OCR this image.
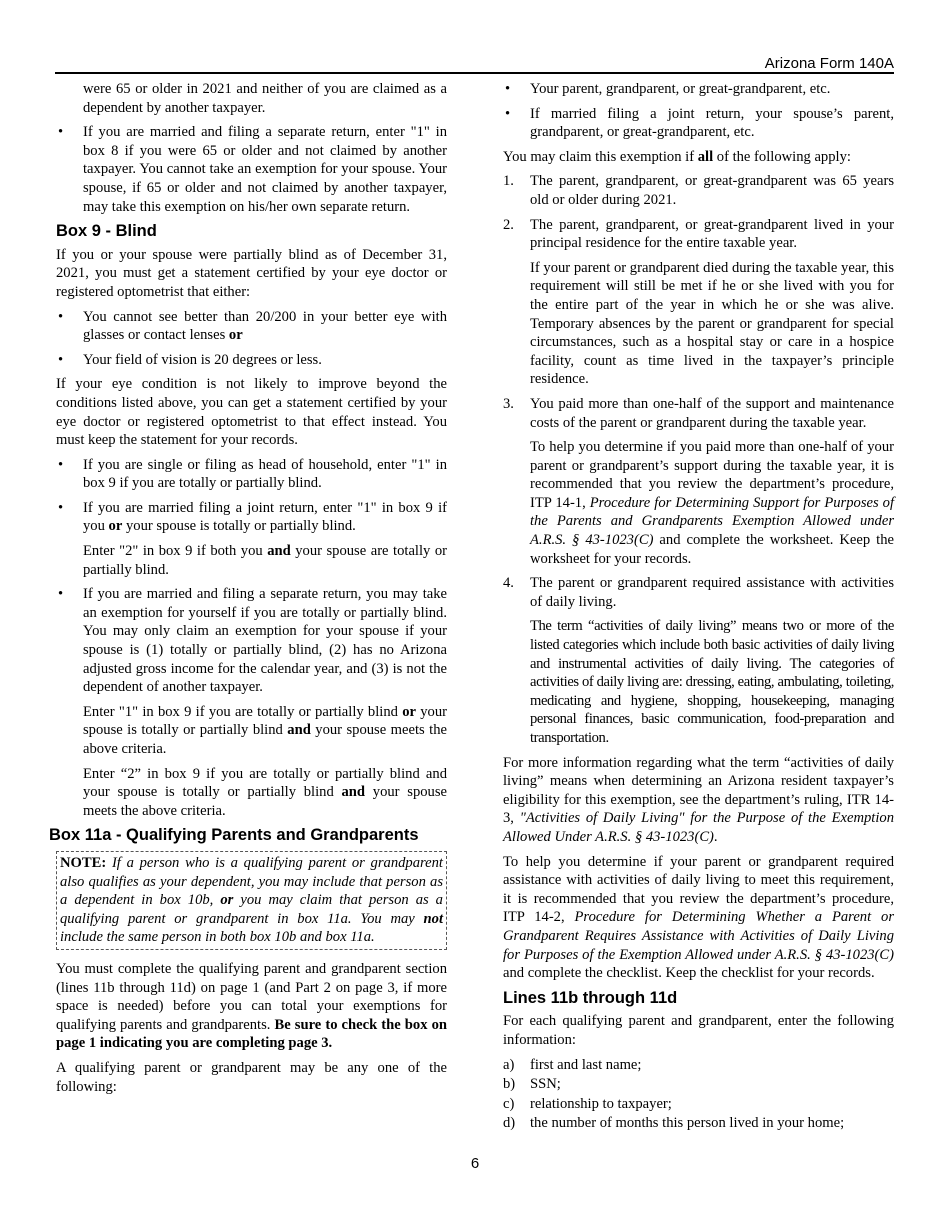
Arizona Form 140A

were 65 or older in 2021 and neither of you are claimed as a dependent by another taxpayer.

• If you are married and filing a separate return, enter "1" in box 8 if you were 65 or older and not claimed by another taxpayer. You cannot take an exemption for your spouse. Your spouse, if 65 or older and not claimed by another taxpayer, may take this exemption on his/her own separate return.
Box 9 - Blind

If you or your spouse were partially blind as of December 31, 2021, you must get a statement certified by your eye doctor or registered optometrist that either:

• You cannot see better than 20/200 in your better eye with glasses or contact lenses or
• Your field of vision is 20 degrees or less.

If your eye condition is not likely to improve beyond the conditions listed above, you can get a statement certified by your eye doctor or registered optometrist to that effect instead. You must keep the statement for your records.

• If you are single or filing as head of household, enter "1" in box 9 if you are totally or partially blind.
• If you are married filing a joint return, enter "1" in box 9 if you or your spouse is totally or partially blind.

Enter "2" in box 9 if both you and your spouse are totally or partially blind.

• If you are married and filing a separate return, you may take an exemption for yourself if you are totally or partially blind. You may only claim an exemption for your spouse if your spouse is (1) totally or partially blind, (2) has no Arizona adjusted gross income for the calendar year, and (3) is not the dependent of another taxpayer.

Enter "1" in box 9 if you are totally or partially blind or your spouse is totally or partially blind and your spouse meets the above criteria.

Enter “2” in box 9 if you are totally or partially blind and your spouse is totally or partially blind and your spouse meets the above criteria.

Box 11a - Qualifying Parents and Grandparents
NOTE: If a person who is a qualifying parent or grandparent also qualifies as your dependent, you may include that person as a dependent in box 10b, or you may claim that person as a qualifying parent or grandparent in box 11a. You may not include the same person in both box 10b and box 11a.

You must complete the qualifying parent and grandparent section (lines 11b through 11d) on page 1 (and Part 2 on page 3, if more space is needed) before you can total your exemptions for qualifying parents and grandparents. Be sure to check the box on page 1 indicating you are completing page 3.

A qualifying parent or grandparent may be any one of the following:

• Your parent, grandparent, or great-grandparent, etc.
• If married filing a joint return, your spouse’s parent, grandparent, or great-grandparent, etc.

You may claim this exemption if all of the following apply:

1. The parent, grandparent, or great-grandparent was 65 years old or older during 2021.
2. The parent, grandparent, or great-grandparent lived in your principal residence for the entire taxable year.

If your parent or grandparent died during the taxable year, this requirement will still be met if he or she lived with you for the entire part of the year in which he or she was alive. Temporary absences by the parent or grandparent for special circumstances, such as a hospital stay or care in a hospice facility, count as time lived in the taxpayer’s principle residence.

3. You paid more than one-half of the support and maintenance costs of the parent or grandparent during the taxable year.

To help you determine if you paid more than one-half of your parent or grandparent’s support during the taxable year, it is recommended that you review the department’s procedure, ITP 14-1, Procedure for Determining Support for Purposes of the Parents and Grandparents Exemption Allowed under A.R.S. § 43-1023(C) and complete the worksheet. Keep the worksheet for your records.

4. The parent or grandparent required assistance with activities of daily living.

The term “activities of daily living” means two or more of the listed categories which include both basic activities of daily living and instrumental activities of daily living. The categories of activities of daily living are: dressing, eating, ambulating, toileting, medicating and hygiene, shopping, housekeeping, managing personal finances, basic communication, food-preparation and transportation.

For more information regarding what the term “activities of daily living” means when determining an Arizona resident taxpayer’s eligibility for this exemption, see the department’s ruling, ITR 14-3, "Activities of Daily Living" for the Purpose of the Exemption Allowed Under A.R.S. § 43-1023(C).

To help you determine if your parent or grandparent required assistance with activities of daily living to meet this requirement, it is recommended that you review the department’s procedure, ITP 14-2, Procedure for Determining Whether a Parent or Grandparent Requires Assistance with Activities of Daily Living for Purposes of the Exemption Allowed under A.R.S. § 43-1023(C) and complete the checklist. Keep the checklist for your records.

Lines 11b through 11d

For each qualifying parent and grandparent, enter the following information:

a) first and last name;
b) SSN;
c) relationship to taxpayer;
d) the number of months this person lived in your home;
6
